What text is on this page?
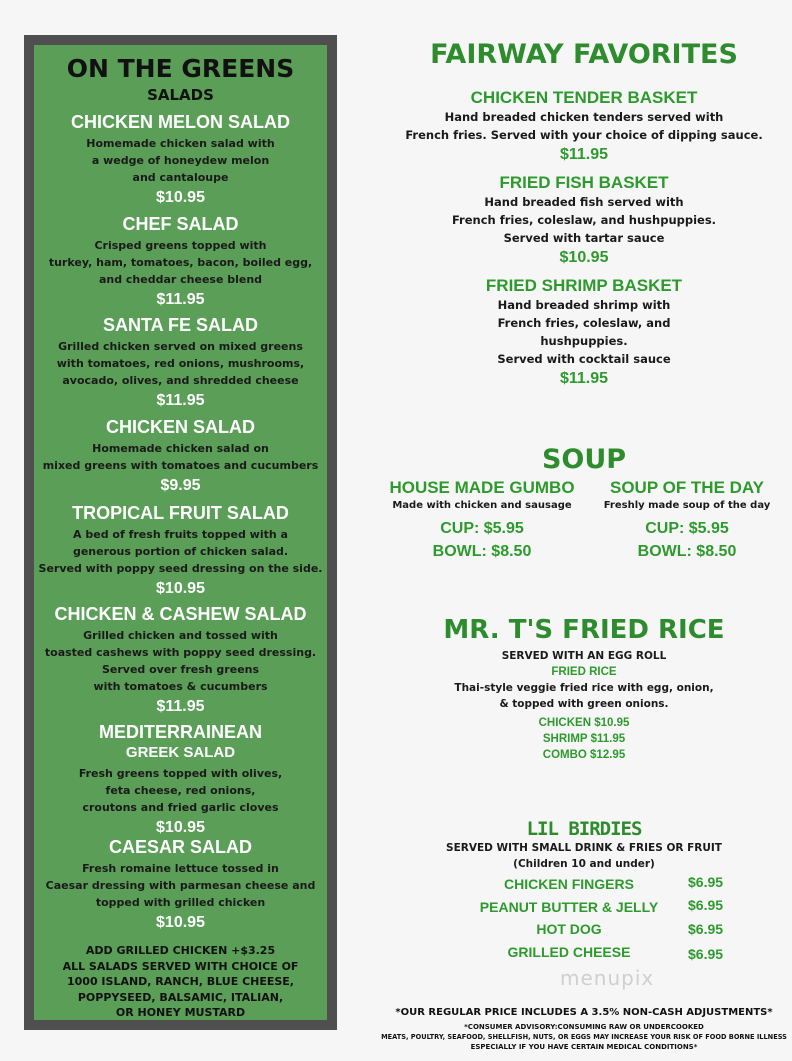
ON THE GREENS
SALADS
CHICKEN MELON SALAD
Homemade chicken salad with
a wedge of honeydew melon
and cantaloupe
$10.95
CHEF SALAD
Crisped greens topped with
turkey, ham, tomatoes, bacon, boiled egg,
and cheddar cheese blend
$11.95
SANTA FE SALAD
Grilled chicken served on mixed greens
with tomatoes, red onions, mushrooms,
avocado, olives, and shredded cheese
$11.95
CHICKEN SALAD
Homemade chicken salad on
mixed greens with tomatoes and cucumbers
$9.95
TROPICAL FRUIT SALAD
A bed of fresh fruits topped with a
generous portion of chicken salad.
Served with poppy seed dressing on the side.
$10.95
CHICKEN & CASHEW SALAD
Grilled chicken and tossed with
toasted cashews with poppy seed dressing.
Served over fresh greens
with tomatoes & cucumbers
$11.95
MEDITERRAINEAN
GREEK SALAD
Fresh greens topped with olives,
feta cheese, red onions,
croutons and fried garlic cloves
$10.95
CAESAR SALAD
Fresh romaine lettuce tossed in
Caesar dressing with parmesan cheese and
topped with grilled chicken
$10.95
ADD GRILLED CHICKEN +$3.25
ALL SALADS SERVED WITH CHOICE OF
1000 ISLAND, RANCH, BLUE CHEESE,
POPPYSEED, BALSAMIC, ITALIAN,
OR HONEY MUSTARD
FAIRWAY FAVORITES
CHICKEN TENDER BASKET
Hand breaded chicken tenders served with
French fries. Served with your choice of dipping sauce.
$11.95
FRIED FISH BASKET
Hand breaded fish served with
French fries, coleslaw, and hushpuppies.
Served with tartar sauce
$10.95
FRIED SHRIMP BASKET
Hand breaded shrimp with
French fries, coleslaw, and
hushpuppies.
Served with cocktail sauce
$11.95
SOUP
HOUSE MADE GUMBO
Made with chicken and sausage
CUP: $5.95
BOWL: $8.50
SOUP OF THE DAY
Freshly made soup of the day
CUP: $5.95
BOWL: $8.50
MR. T'S FRIED RICE
SERVED WITH AN EGG ROLL
FRIED RICE
Thai-style veggie fried rice with egg, onion,
& topped with green onions.
CHICKEN $10.95
SHRIMP $11.95
COMBO $12.95
LIL BIRDIES
SERVED WITH SMALL DRINK & FRIES OR FRUIT
(Children 10 and under)
CHICKEN FINGERS	$6.95
PEANUT BUTTER & JELLY	$6.95
HOT DOG	$6.95
GRILLED CHEESE	$6.95
menupix
*OUR REGULAR PRICE INCLUDES A 3.5% NON-CASH ADJUSTMENTS*
*CONSUMER ADVISORY:CONSUMING RAW OR UNDERCOOKED
MEATS, POULTRY, SEAFOOD, SHELLFISH, NUTS, OR EGGS MAY INCREASE YOUR RISK OF FOOD BORNE ILLNESS
ESPECIALLY IF YOU HAVE CERTAIN MEDICAL CONDITIONS*
